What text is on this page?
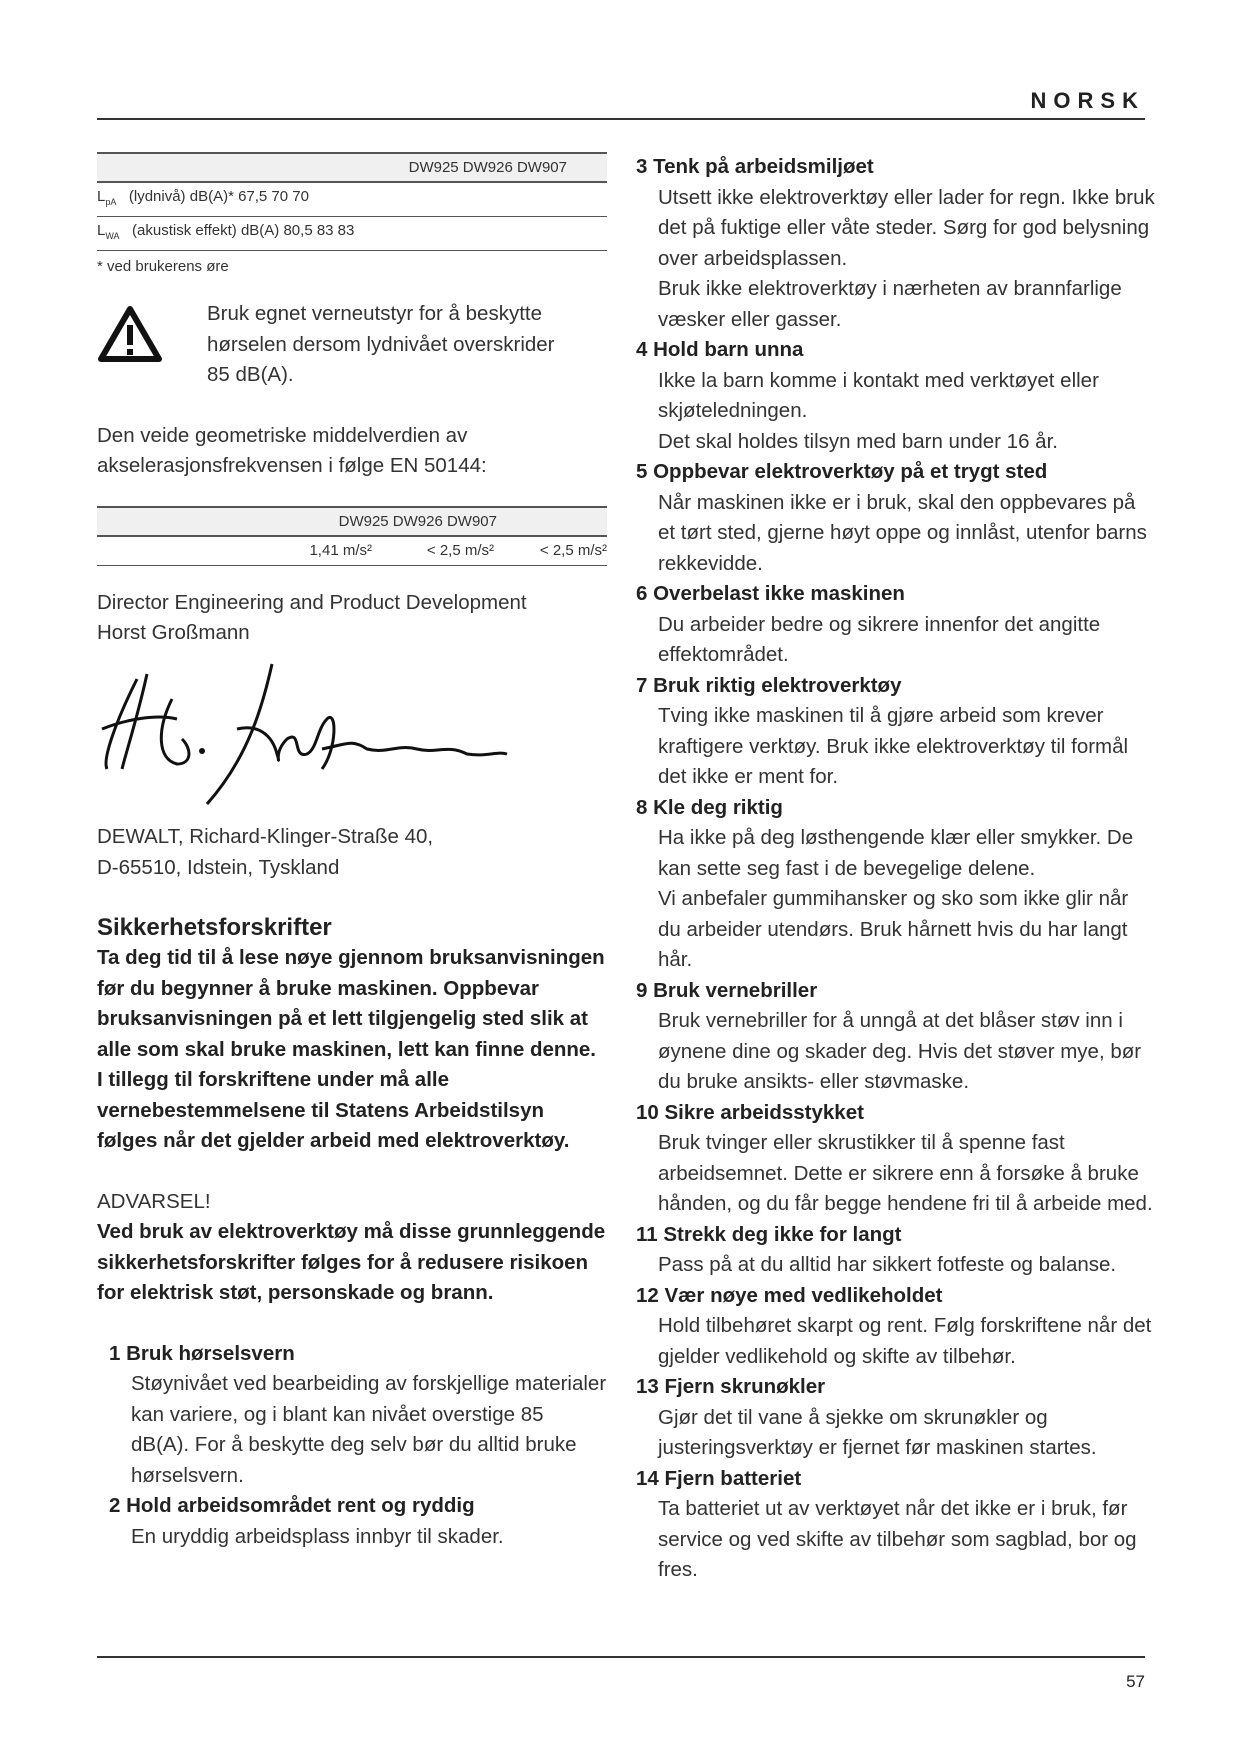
NORSK
DW925 DW926 DW907
$L_{pA}$ (lydnivå) dB(A)* 67,5 70 70
$L_{WA}$ (akustisk effekt) dB(A) 80,5 83 83

* ved brukerens øre

Bruk egnet verneutstyr for å beskytte hørselen dersom lydnivået overskrider 85 dB(A).

Den veide geometriske middelverdien av akselerasjonsfrekvensen i følge EN 50144:

DW925 DW926 DW907
1,41 m/s²	< 2,5 m/s²	< 2,5 m/s²

Director Engineering and Product Development

Horst Großmann

DEWALT, Richard-Klinger-Straße 40,

D-65510, Idstein, Tyskland

Sikkerhetsforskrifter

Ta deg tid til å lese nøye gjennom bruksanvisningen før du begynner å bruke maskinen. Oppbevar bruksanvisningen på et lett tilgjengelig sted slik at alle som skal bruke maskinen, lett kan finne denne.

I tillegg til forskriftene under må alle vernebestemmelsene til Statens Arbeidstilsyn følges når det gjelder arbeid med elektroverktøy.

ADVARSEL!

Ved bruk av elektroverktøy må disse grunnleggende sikkerhetsforskrifter følges for å redusere risikoen for elektrisk støt, personskade og brann.

1 Bruk hørselsvern

Støynivået ved bearbeiding av forskjellige materialer kan variere, og i blant kan nivået overstige 85 dB(A). For å beskytte deg selv bør du alltid bruke hørselsvern.

2 Hold arbeidsområdet rent og ryddig

En uryddig arbeidsplass innbyr til skader.

3 Tenk på arbeidsmiljøet

Utsett ikke elektroverktøy eller lader for regn. Ikke bruk det på fuktige eller våte steder. Sørg for god belysning over arbeidsplassen.

Bruk ikke elektroverktøy i nærheten av brannfarlige væsker eller gasser.

4 Hold barn unna

Ikke la barn komme i kontakt med verktøyet eller skjøteledningen.

Det skal holdes tilsyn med barn under 16 år.

5 Oppbevar elektroverktøy på et trygt sted

Når maskinen ikke er i bruk, skal den oppbevares på et tørt sted, gjerne høyt oppe og innlåst, utenfor barns rekkevidde.

6 Overbelast ikke maskinen

Du arbeider bedre og sikrere innenfor det angitte effektområdet.

7 Bruk riktig elektroverktøy

Tving ikke maskinen til å gjøre arbeid som krever kraftigere verktøy. Bruk ikke elektroverktøy til formål det ikke er ment for.

8 Kle deg riktig

Ha ikke på deg løsthengende klær eller smykker. De kan sette seg fast i de bevegelige delene.

Vi anbefaler gummihansker og sko som ikke glir når du arbeider utendørs. Bruk hårnett hvis du har langt hår.

9 Bruk vernebriller

Bruk vernebriller for å unngå at det blåser støv inn i øynene dine og skader deg. Hvis det støver mye, bør du bruke ansikts- eller støvmaske.

10 Sikre arbeidsstykket

Bruk tvinger eller skrustikker til å spenne fast arbeidsemnet. Dette er sikrere enn å forsøke å bruke hånden, og du får begge hendene fri til å arbeide med.

11 Strekk deg ikke for langt

Pass på at du alltid har sikkert fotfeste og balanse.

12 Vær nøye med vedlikeholdet

Hold tilbehøret skarpt og rent. Følg forskriftene når det gjelder vedlikehold og skifte av tilbehør.

13 Fjern skrunøkler

Gjør det til vane å sjekke om skrunøkler og justeringsverktøy er fjernet før maskinen startes.

14 Fjern batteriet

Ta batteriet ut av verktøyet når det ikke er i bruk, før service og ved skifte av tilbehør som sagblad, bor og fres.

57
